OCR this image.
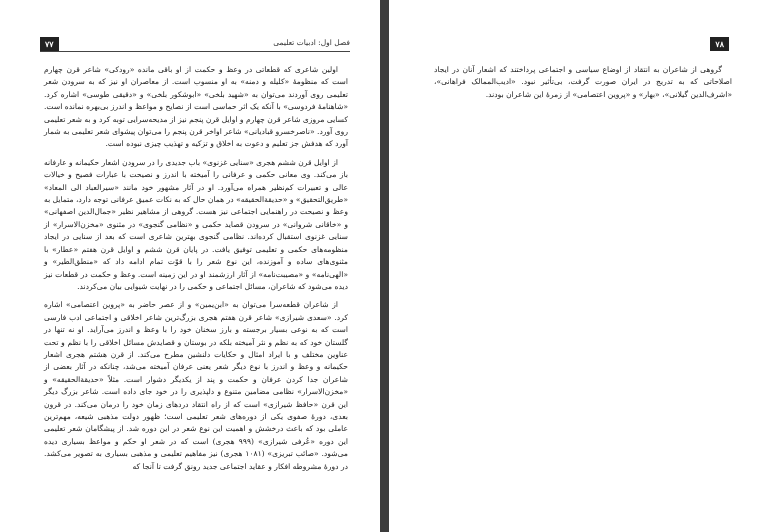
فصل اول: ادبیات تعلیمی
۷۷

اولین شاعری که قطعاتی در وعظ و حکمت از او باقی مانده «رودکی» شاعر قرن چهارم است که منظومهٔ «کلیله و دمنه» به او منسوب است. از معاصران او نیز که به سرودن شعر تعلیمی روی آوردند می‌توان به «شهید بلخی» «ابوشکور بلخی» و «دقیقی طوسی» اشاره کرد. «شاهنامهٔ فردوسی» با آنکه یک اثر حماسی است از نصایح و مواعظ و اندرز بی‌بهره نمانده است. کسایی مروزی شاعر قرن چهارم و اوایل قرن پنجم نیز از مدیحه‌سرایی توبه کرد و به شعر تعلیمی روی آورد. «ناصرخسرو قبادیانی» شاعر اواخر قرن پنجم را می‌توان پیشوای شعر تعلیمی به شمار آورد که هدفش جز تعلیم و دعوت به اخلاق و تزکیه و تهذیب چیزی نبوده است.

از اوایل قرن ششم هجری «سنایی غزنوی» باب جدیدی را در سرودن اشعار حکیمانه و عارفانه باز می‌کند. وی معانی حکمی و عرفانی را آمیخته با اندرز و نصیحت با عبارات فصیح و خیالات عالی و تعبیرات کم‌نظیر همراه می‌آورد. او در آثار مشهور خود مانند «سیرالعباد الی المعاد» «طریق‌التحقیق» و «حدیقة‌الحقیقه» در همان حال که به نکات عمیق عرفانی توجه دارد، متمایل به وعظ و نصیحت در راهنمایی اجتماعی نیز هست. گروهی از مشاهیر نظیر «جمال‌الدین اصفهانی» و «خاقانی شروانی» در سرودن قصاید حکمی و «نظامی گنجوی» در مثنوی «مخزن‌الاسرار» از سنایی غزنوی استقبال کرده‌اند. نظامی گنجوی بهترین شاعری است که بعد از سنایی در ایجاد منظومه‌های حکمی و تعلیمی توفیق یافت. در پایان قرن ششم و اوایل قرن هفتم «عطار» با مثنوی‌های ساده و آموزنده، این نوع شعر را با قوّت تمام ادامه داد که «منطق‌الطیر» و «الهی‌نامه» و «مصیبت‌نامه» از آثار ارزشمند او در این زمینه است. وعظ و حکمت در قطعات نیز دیده می‌شود که شاعران، مسائل اجتماعی و حکمی را در نهایت شیوایی بیان می‌کردند.

از شاعران قطعه‌سرا می‌توان به «ابن‌یمین» و از عصر حاضر به «پروین اعتصامی» اشاره کرد. «سعدی شیرازی» شاعر قرن هفتم هجری بزرگ‌ترین شاعر اخلاقی و اجتماعی ادب فارسی است که به نوعی بسیار برجسته و بارز سخنان خود را با وعظ و اندرز می‌آراید. او نه تنها در گلستان خود که به نظم و نثر آمیخته بلکه در بوستان و قصایدش مسائل اخلاقی را با نظم و تحت عناوین مختلف و با ایراد امثال و حکایات دلنشین مطرح می‌کند. از قرن هشتم هجری اشعار حکیمانه و وعظ و اندرز با نوع دیگر شعر یعنی عرفان آمیخته می‌شد، چنانکه در آثار بعضی از شاعران جدا کردن عرفان و حکمت و پند از یکدیگر دشوار است. مثلاً «حدیقة‌الحقیقه» و «مخزن‌الاسرار» نظامی مضامین متنوع و دلپذیری را در خود جای داده است. شاعر بزرگ دیگر این قرن «حافظ شیرازی» است که از راه انتقاد دردهای زمان خود را درمان می‌کند. در قرون بعدی، دورهٔ صفوی یکی از دوره‌های شعر تعلیمی است؛ ظهور دولت مذهبی شیعه، مهم‌ترین عاملی بود که باعث درخشش و اهمیت این نوع شعر در این دوره شد. از پیشگامان شعر تعلیمی این دوره «عُرفی شیرازی» (۹۹۹ هجری) است که در شعر او حکم و مواعظ بسیاری دیده می‌شود. «صائب تبریزی» (۱۰۸۱ هجری) نیز مفاهیم تعلیمی و مذهبی بسیاری به تصویر می‌کشد. در دورهٔ مشروطه افکار و عقاید اجتماعی جدید رونق گرفت تا آنجا که

۷۸

گروهی از شاعران به انتقاد از اوضاع سیاسی و اجتماعی پرداختند که اشعار آنان در ایجاد اصلاحاتی که به تدریج در ایران صورت گرفت، بی‌تأثیر نبود. «ادیب‌الممالک فراهانی»، «اشرف‌الدین گیلانی»، «بهار» و «پروین اعتصامی» از زمرهٔ این شاعران بودند.
